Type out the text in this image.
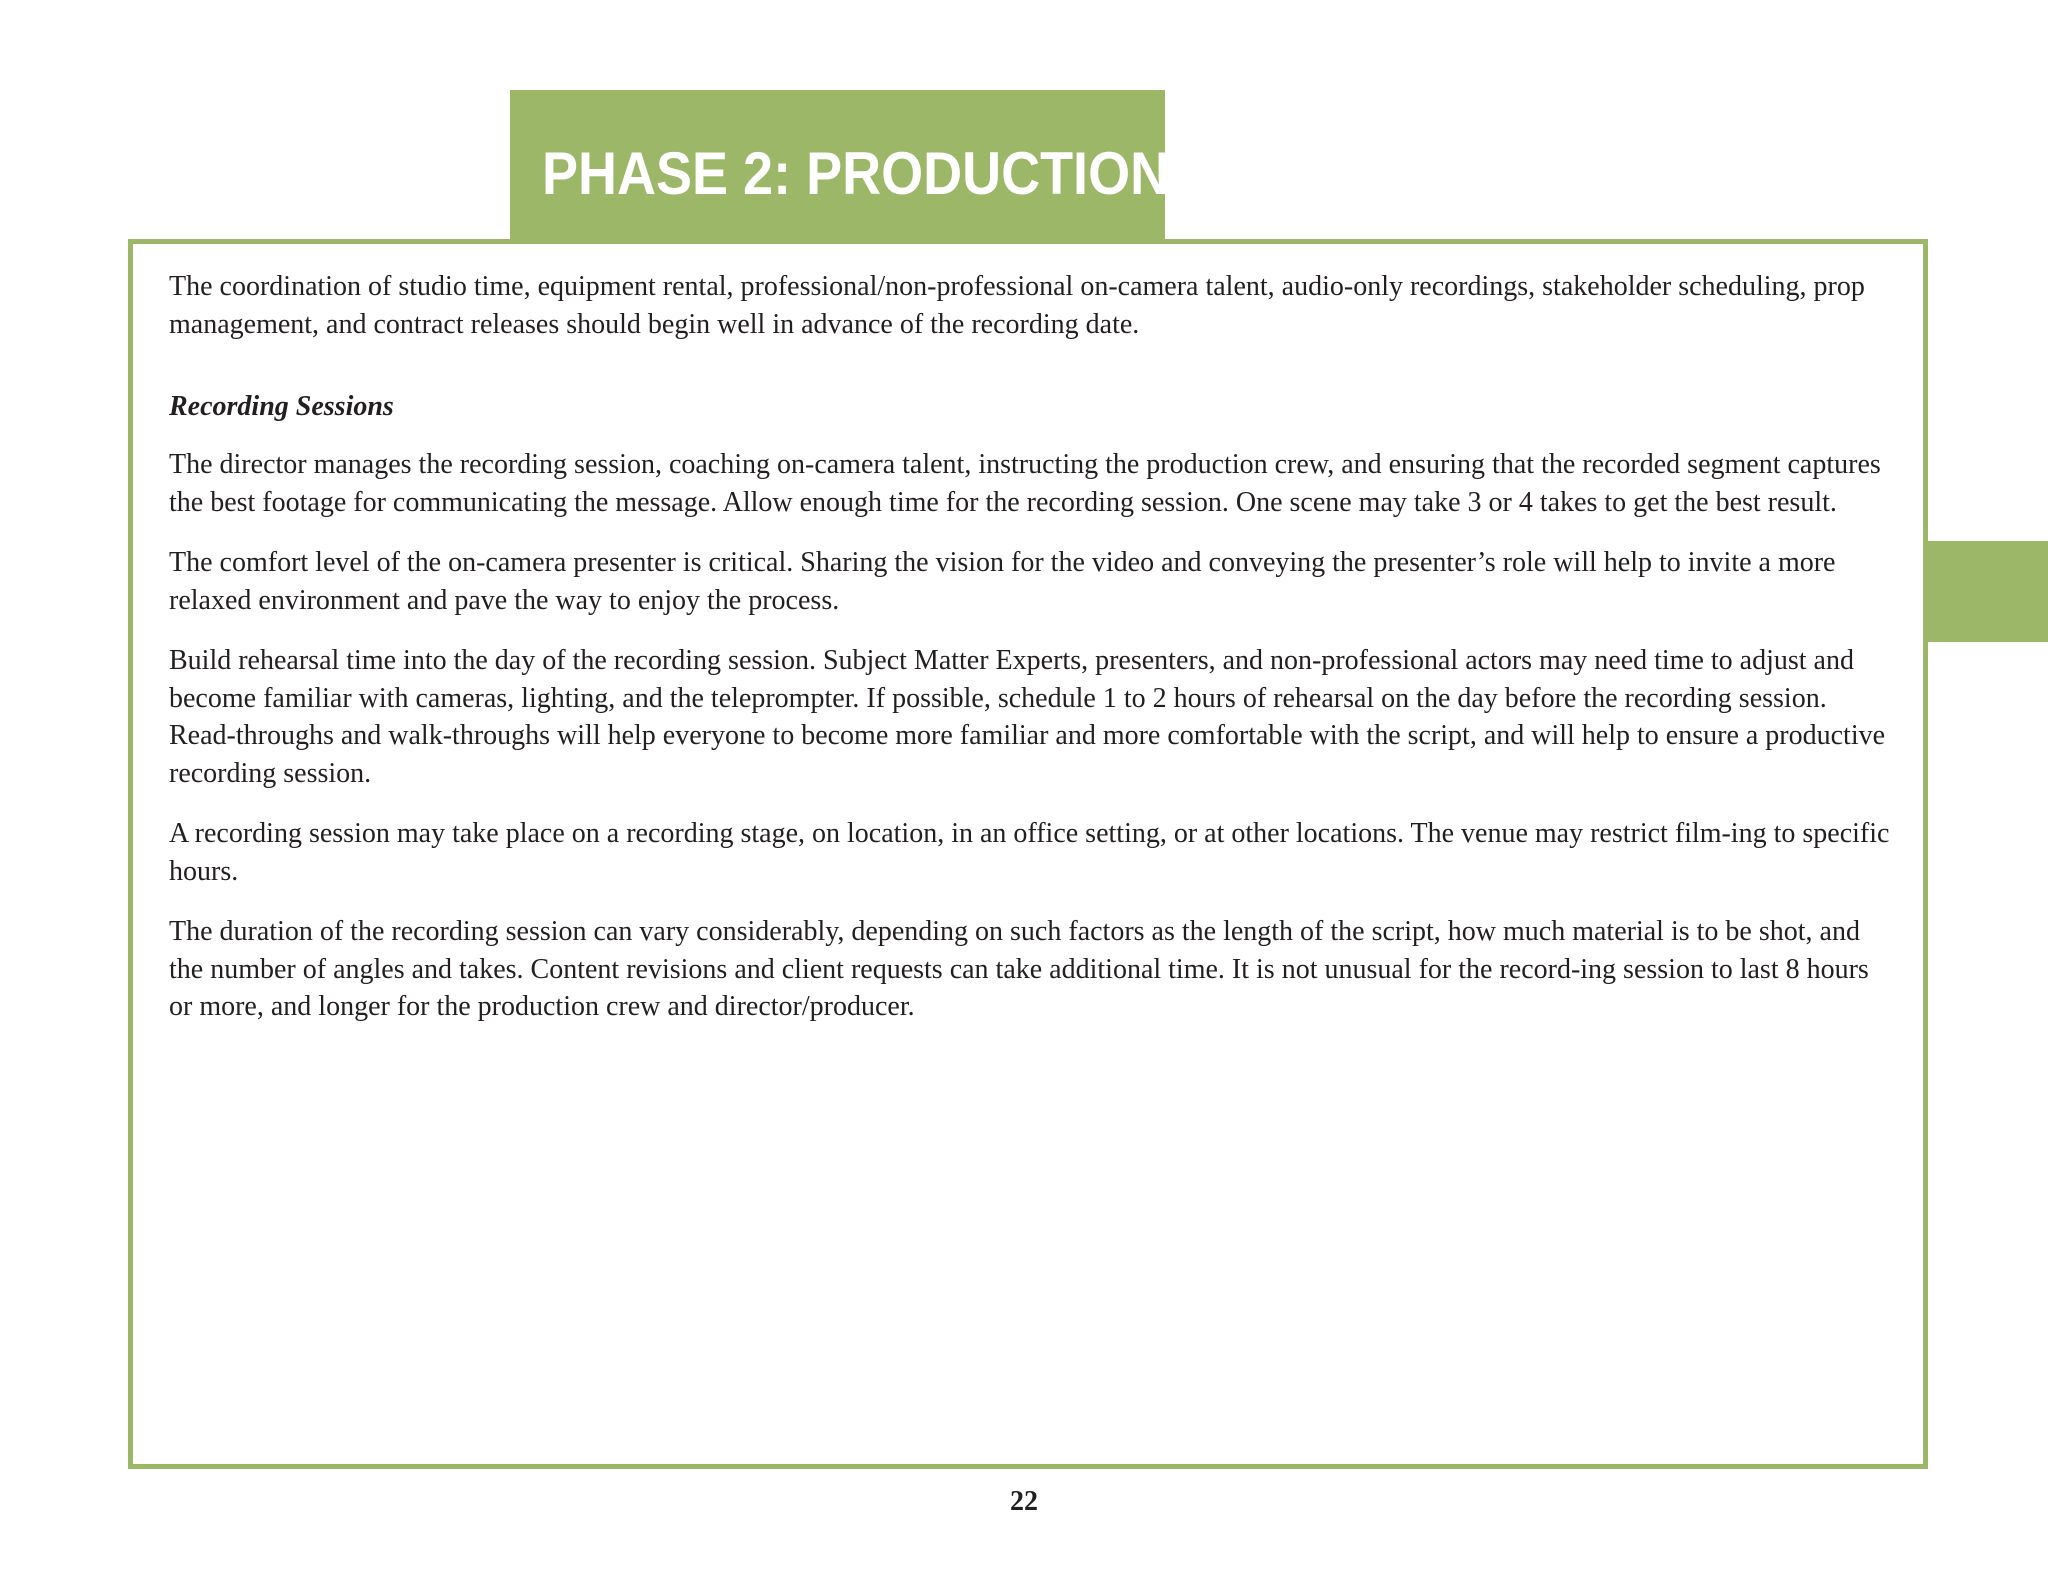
PHASE 2: PRODUCTION

The coordination of studio time, equipment rental, professional/non-professional on-camera talent, audio-only recordings, stakeholder scheduling, prop management, and contract releases should begin well in advance of the recording date.

Recording Sessions

The director manages the recording session, coaching on-camera talent, instructing the production crew, and ensuring that the recorded segment captures the best footage for communicating the message. Allow enough time for the recording session. One scene may take 3 or 4 takes to get the best result.

The comfort level of the on-camera presenter is critical. Sharing the vision for the video and conveying the presenter’s role will help to invite a more relaxed environment and pave the way to enjoy the process.

Build rehearsal time into the day of the recording session. Subject Matter Experts, presenters, and non-professional actors may need time to adjust and become familiar with cameras, lighting, and the teleprompter. If possible, schedule 1 to 2 hours of rehearsal on the day before the recording session. Read-throughs and walk-throughs will help everyone to become more familiar and more comfortable with the script, and will help to ensure a productive recording session.

A recording session may take place on a recording stage, on location, in an office setting, or at other locations. The venue may restrict film-ing to specific hours.

The duration of the recording session can vary considerably, depending on such factors as the length of the script, how much material is to be shot, and the number of angles and takes. Content revisions and client requests can take additional time. It is not unusual for the record-ing session to last 8 hours or more, and longer for the production crew and director/producer.

22
